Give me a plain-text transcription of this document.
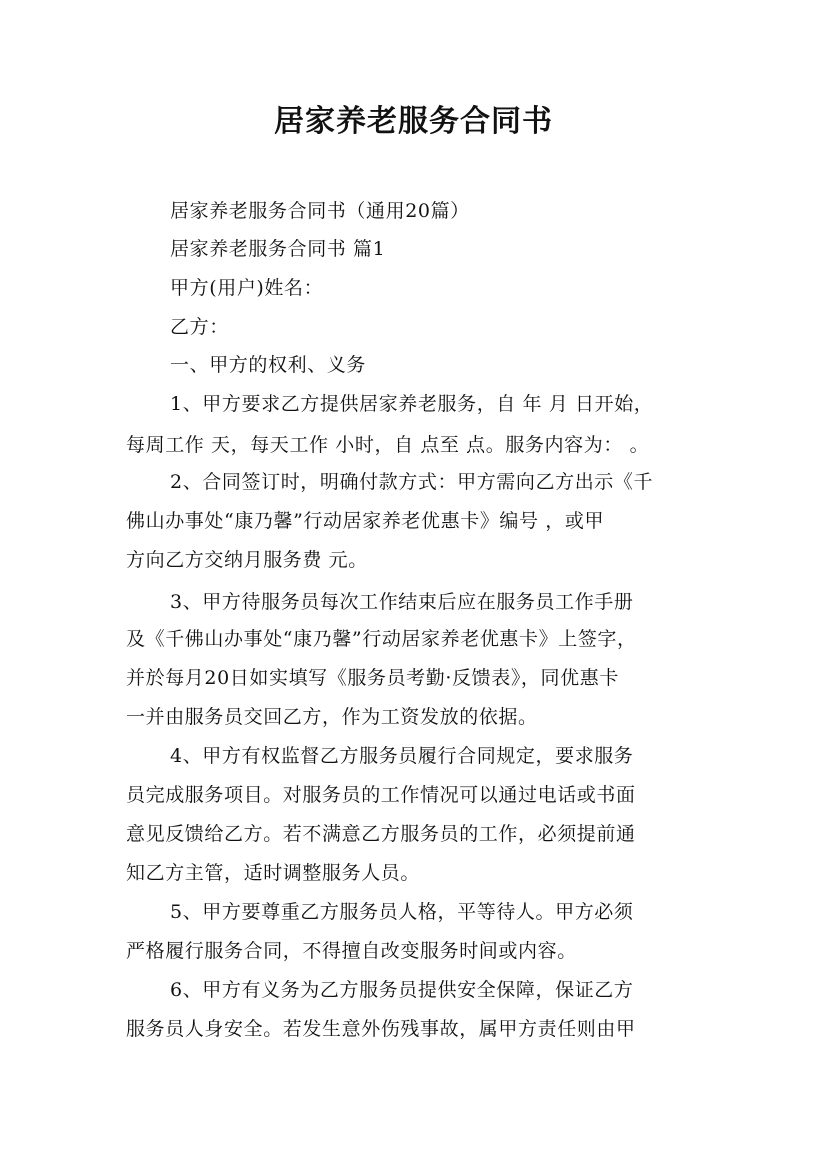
居家养老服务合同书
居家养老服务合同书（通用20篇）
居家养老服务合同书 篇1
甲方(用户)姓名：
乙方：
一、甲方的权利、义务
1、甲方要求乙方提供居家养老服务，自 年 月 日开始，
每周工作 天，每天工作 小时，自 点至 点。服务内容为： 。
2、合同签订时，明确付款方式：甲方需向乙方出示《千
佛山办事处“康乃馨”行动居家养老优惠卡》编号 ，或甲
方向乙方交纳月服务费 元。
3、甲方待服务员每次工作结束后应在服务员工作手册
及《千佛山办事处“康乃馨”行动居家养老优惠卡》上签字，
并於每月20日如实填写《服务员考勤·反馈表》，同优惠卡
一并由服务员交回乙方，作为工资发放的依据。
4、甲方有权监督乙方服务员履行合同规定，要求服务
员完成服务项目。对服务员的工作情况可以通过电话或书面
意见反馈给乙方。若不满意乙方服务员的工作，必须提前通
知乙方主管，适时调整服务人员。
5、甲方要尊重乙方服务员人格，平等待人。甲方必须
严格履行服务合同，不得擅自改变服务时间或内容。
6、甲方有义务为乙方服务员提供安全保障，保证乙方
服务员人身安全。若发生意外伤残事故，属甲方责任则由甲
